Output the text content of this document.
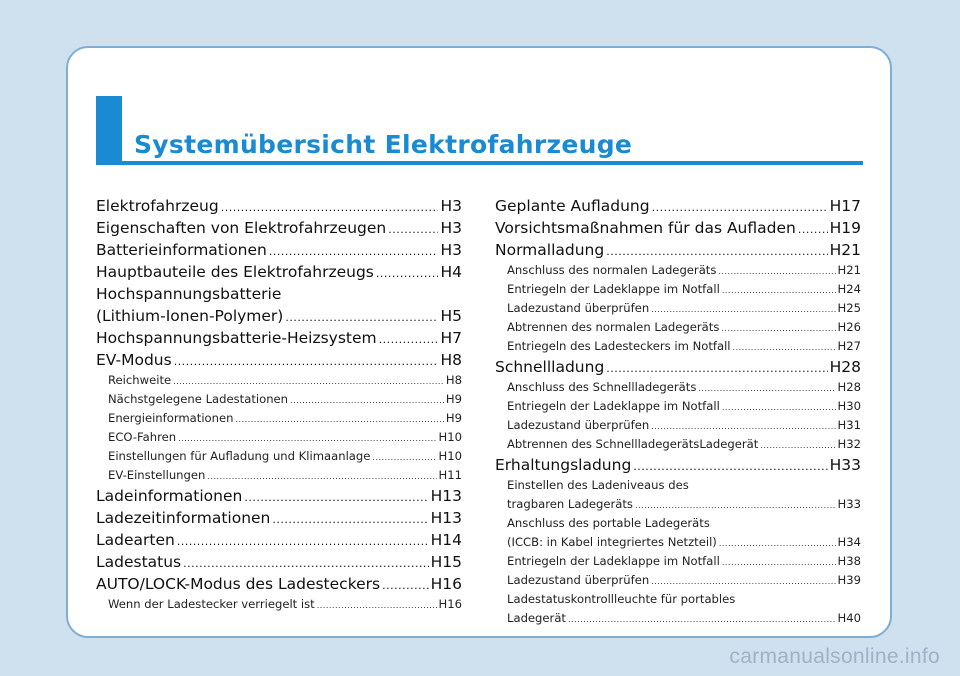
Systemübersicht Elektrofahrzeuge
Elektrofahrzeug .....	H3
Eigenschaften von Elektrofahrzeugen .....	H3
Batterieinformationen .....	H3
Hauptbauteile des Elektrofahrzeugs .....	H4
Hochspannungsbatterie
(Lithium-Ionen-Polymer) .....	H5
Hochspannungsbatterie-Heizsystem .....	H7
EV-Modus .....	H8
Reichweite .....	H8
Nächstgelegene Ladestationen .....	H9
Energieinformationen .....	H9
ECO-Fahren .....	H10
Einstellungen für Aufladung und Klimaanlage .....	H10
EV-Einstellungen .....	H11
Ladeinformationen .....	H13
Ladezeitinformationen .....	H13
Ladearten .....	H14
Ladestatus .....	H15
AUTO/LOCK-Modus des Ladesteckers .....	H16
Wenn der Ladestecker verriegelt ist .....	H16
Geplante Aufladung .....	H17
Vorsichtsmaßnahmen für das Aufladen ..... H19
Normalladung .....	H21
Anschluss des normalen Ladegeräts .....	H21
Entriegeln der Ladeklappe im Notfall .....	H24
Ladezustand überprüfen .....	H25
Abtrennen des normalen Ladegeräts .....	H26
Entriegeln des Ladesteckers im Notfall .....	H27
Schnellladung .....	H28
Anschluss des Schnellladegeräts .....	H28
Entriegeln der Ladeklappe im Notfall .....	H30
Ladezustand überprüfen .....	H31
Abtrennen des SchnellladegerätsLadegerät .....	H32
Erhaltungsladung .....	H33
Einstellen des Ladeniveaus des
tragbaren Ladegeräts .....	H33
Anschluss des portable Ladegeräts
(ICCB: in Kabel integriertes Netzteil) .....	H34
Entriegeln der Ladeklappe im Notfall .....	H38
Ladezustand überprüfen .....	H39
Ladestatuskontrollleuchte für portables
Ladegerät .....	H40
carmanualsonline.info
